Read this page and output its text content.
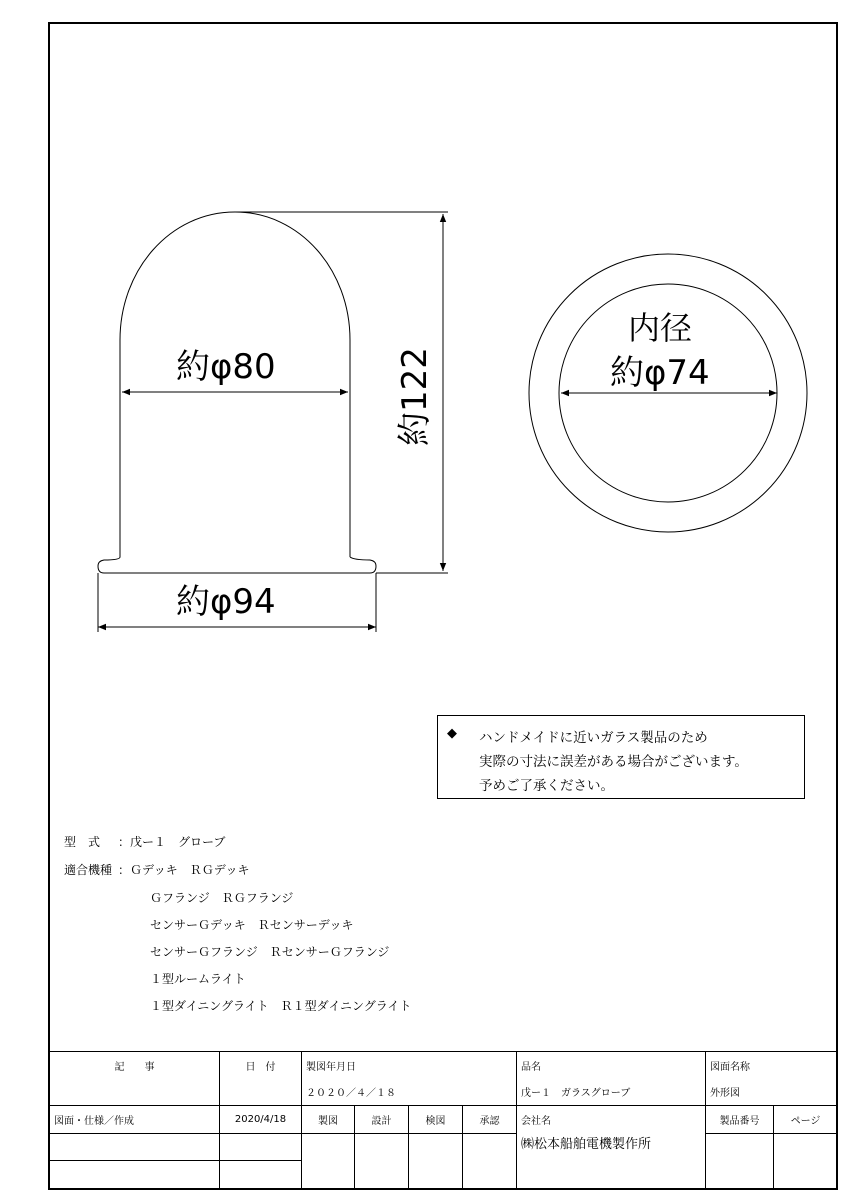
約φ80
約φ94
約122
内径
約φ74
◆ ハンドメイドに近いガラス製品のため
実際の寸法に誤差がある場合がございます。
予めご了承ください。
型　式 ：戊ー１　グローブ
適合機種 ：Ｇデッキ　ＲＧデッキ
Ｇフランジ　ＲＧフランジ
センサーＧデッキ　Ｒセンサーデッキ
センサーＧフランジ　ＲセンサーＧフランジ
１型ルームライト
１型ダイニングライト　Ｒ１型ダイニングライト
記　　事	日　付	製図年月日				品名	図面名称	
		２０２０／４／１８				戊ー１　ガラスグローブ	外形図	
図面・仕様／作成	2020/4/18	製図	設計	検図	承認	会社名	製品番号	ページ
						㈱松本船舶電機製作所		
